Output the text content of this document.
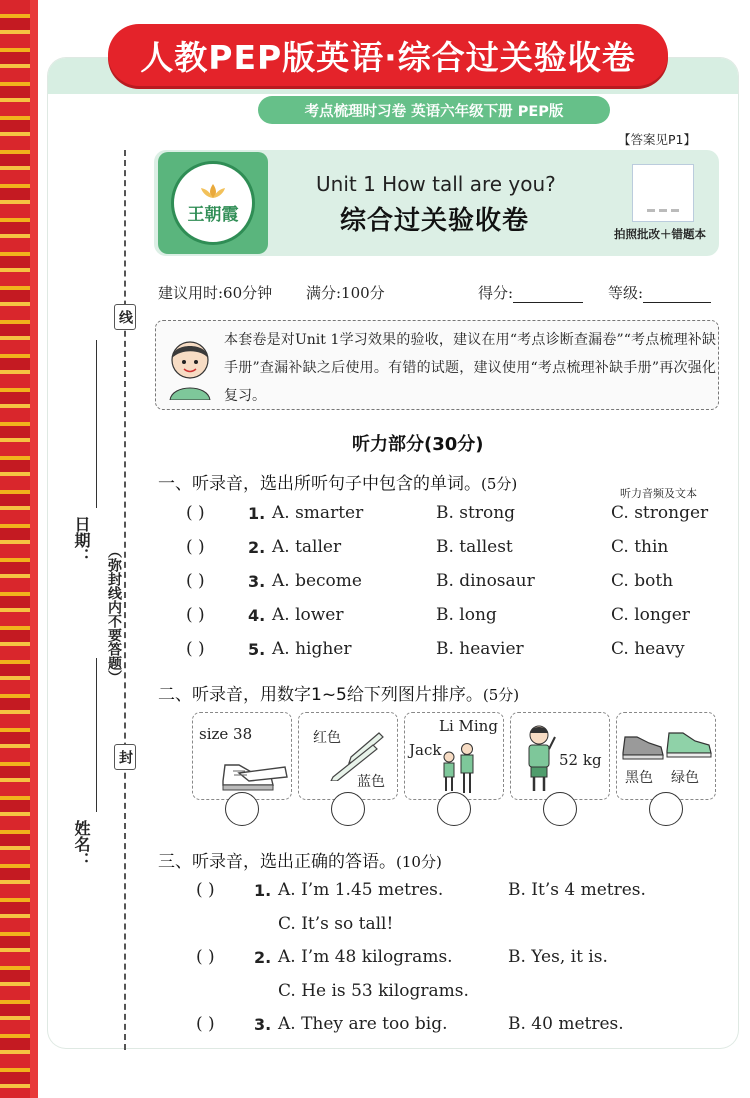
人教PEP版英语·综合过关验收卷
考点梳理时习卷 英语六年级下册 PEP版
【答案见P1】
线
封
日期：
姓名：
（弥封线内不要答题）
王朝霞
Unit 1 How tall are you?
综合过关验收卷	拍照批改＋错题本
建议用时:60分钟 满分:100分	得分:	等级:
本套卷是对Unit 1学习效果的验收，建议在用“考点诊断查漏卷”“考点梳理补缺手册”查漏补缺之后使用。有错的试题，建议使用“考点梳理补缺手册”再次强化复习。
听力部分(30分)
一、听录音，选出所听句子中包含的单词。(5分)
听力音频及文本
( )	1. A. smarter	B. strong	C. stronger
( )	2. A. taller	B. tallest	C. thin
( )	3. A. become	B. dinosaur	C. both
( )	4. A. lower	B. long	C. longer
( )	5. A. higher	B. heavier	C. heavy
二、听录音，用数字1~5给下列图片排序。(5分)
size 38	红色
蓝色
Li Ming
Jack
52 kg
黑色 绿色
三、听录音，选出正确的答语。(10分)
( ) 1. A. I’m 1.45 metres.	B. It’s 4 metres.
C. It’s so tall!
( ) 2. A. I’m 48 kilograms.	B. Yes, it is.
C. He is 53 kilograms.
( ) 3. A. They are too big.	B. 40 metres.
